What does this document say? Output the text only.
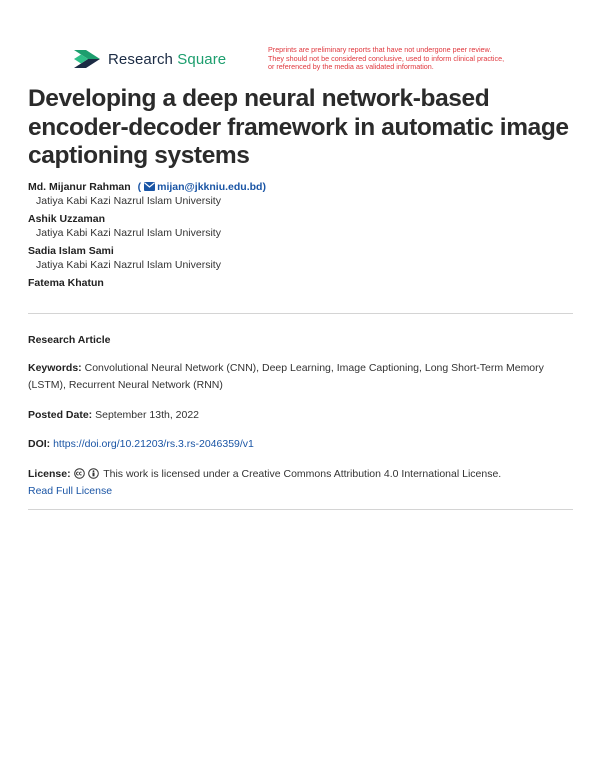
Research Square
Preprints are preliminary reports that have not undergone peer review.
They should not be considered conclusive, used to inform clinical practice,
or referenced by the media as validated information.
Developing a deep neural network-based encoder-decoder framework in automatic image captioning systems
Md. Mijanur Rahman ( mijan@jkkniu.edu.bd)
Jatiya Kabi Kazi Nazrul Islam University
Ashik Uzzaman
Jatiya Kabi Kazi Nazrul Islam University
Sadia Islam Sami
Jatiya Kabi Kazi Nazrul Islam University
Fatema Khatun
Research Article
Keywords: Convolutional Neural Network (CNN), Deep Learning, Image Captioning, Long Short-Term Memory (LSTM), Recurrent Neural Network (RNN)
Posted Date: September 13th, 2022
DOI: https://doi.org/10.21203/rs.3.rs-2046359/v1
License:	This work is licensed under a Creative Commons Attribution 4.0 International License.
Read Full License
